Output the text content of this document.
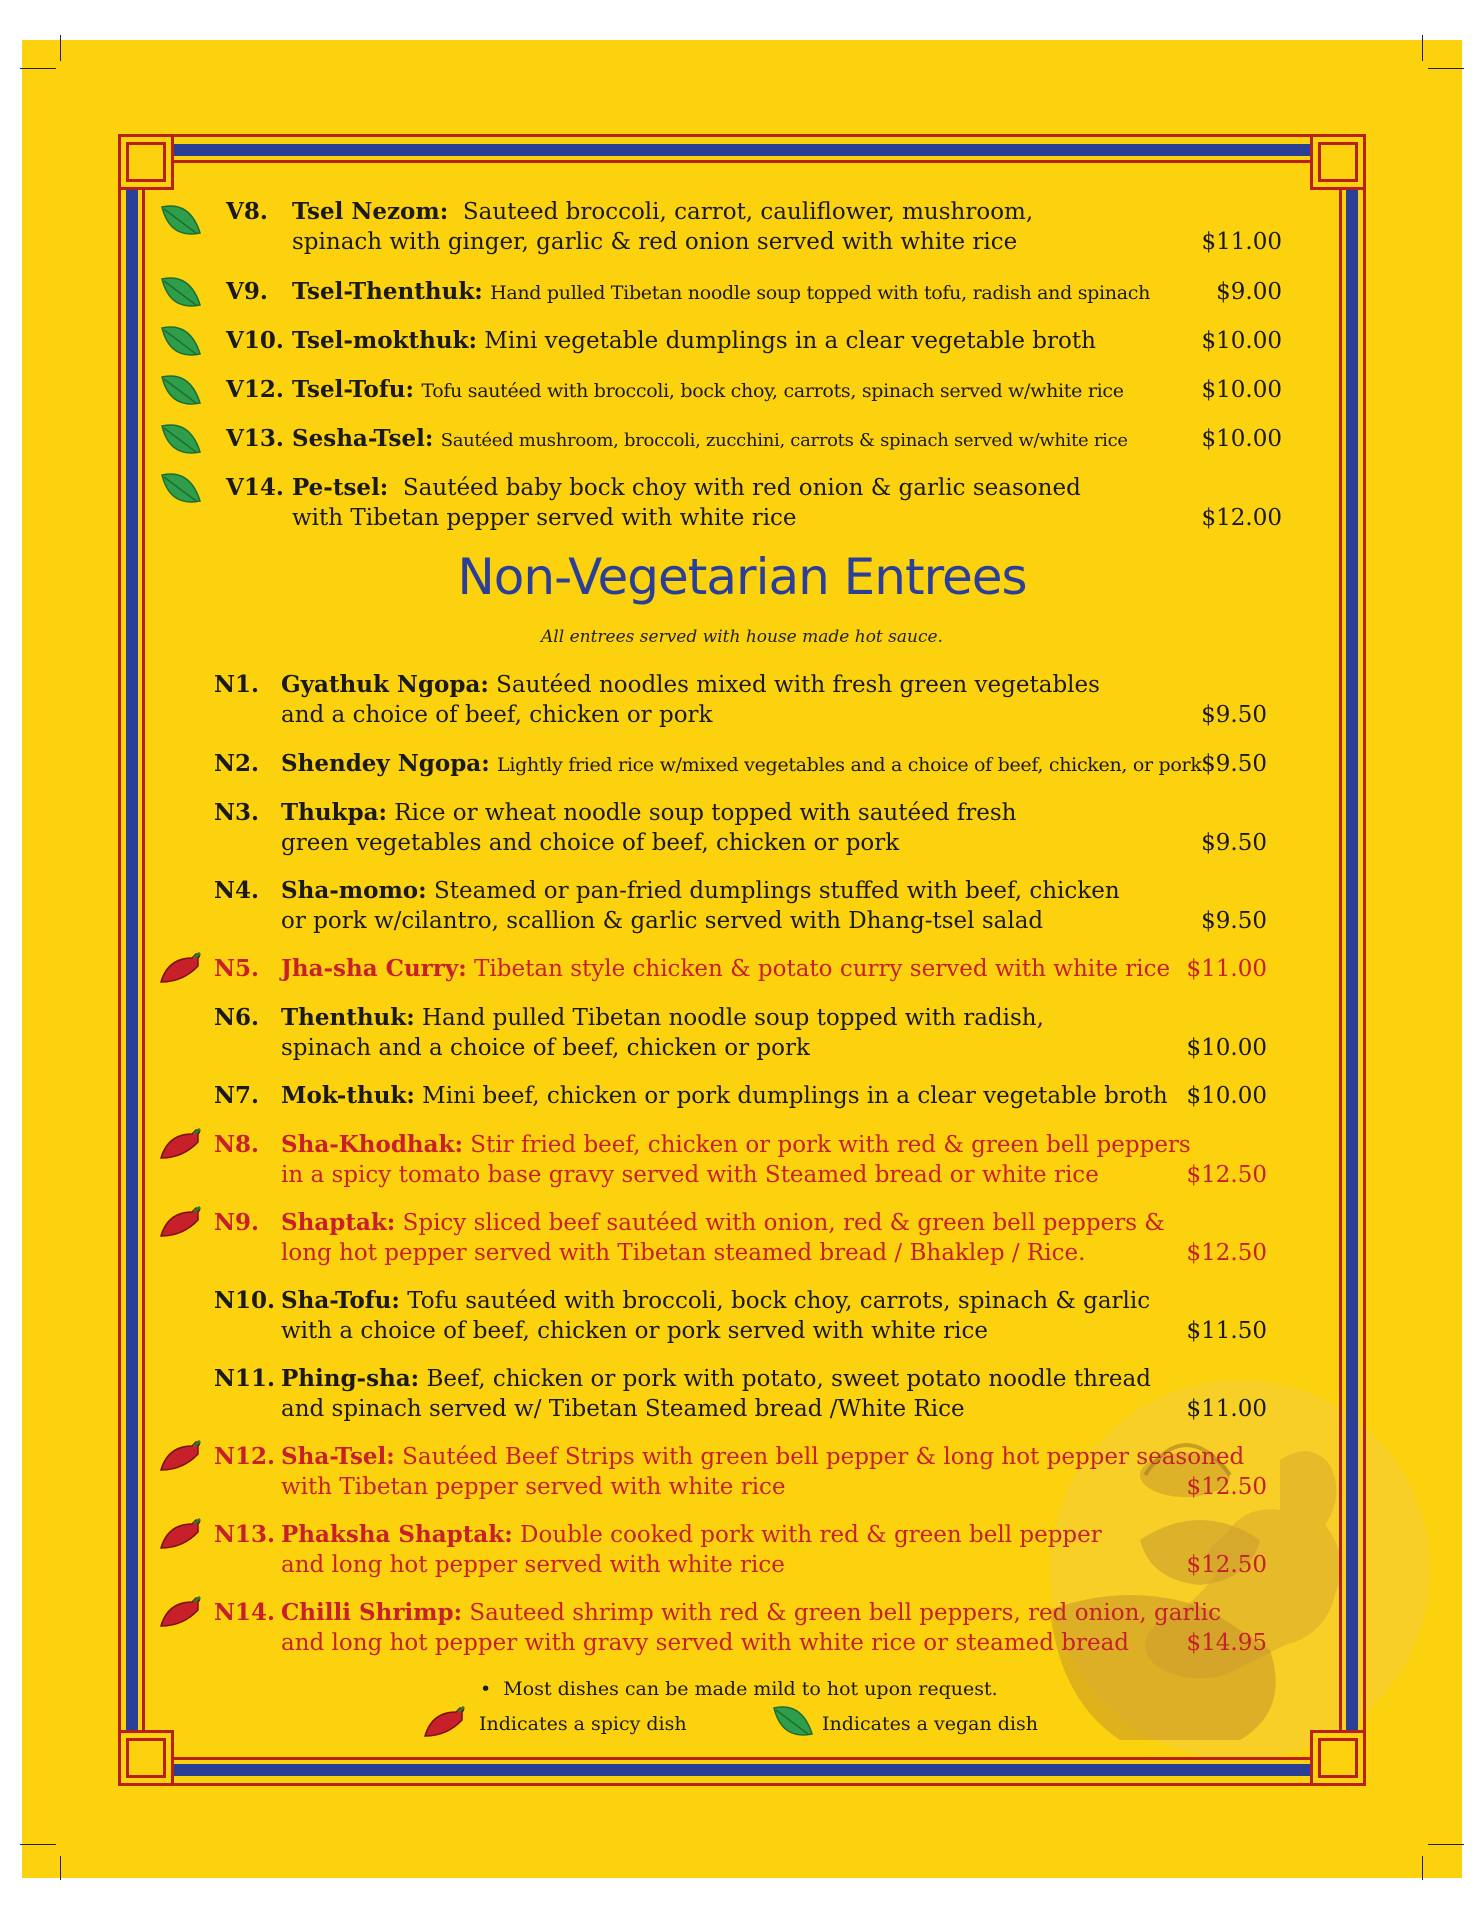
V8. Tsel Nezom: Sauteed broccoli, carrot, cauliflower, mushroom,
spinach with ginger, garlic & red onion served with white rice	$11.00
V9. Tsel-Thenthuk: Hand pulled Tibetan noodle soup topped with tofu, radish and spinach	$9.00
V10. Tsel-mokthuk: Mini vegetable dumplings in a clear vegetable broth	$10.00
V12. Tsel-Tofu: Tofu sautéed with broccoli, bock choy, carrots, spinach served w/white rice	$10.00
V13. Sesha-Tsel: Sautéed mushroom, broccoli, zucchini, carrots & spinach served w/white rice	$10.00
V14. Pe-tsel: Sautéed baby bock choy with red onion & garlic seasoned
with Tibetan pepper served with white rice	$12.00
Non-Vegetarian Entrees
All entrees served with house made hot sauce.
N1. Gyathuk Ngopa: Sautéed noodles mixed with fresh green vegetables
and a choice of beef, chicken or pork	$9.50
N2. Shendey Ngopa: Lightly fried rice w/mixed vegetables and a choice of beef, chicken, or pork $9.50
N3. Thukpa: Rice or wheat noodle soup topped with sautéed fresh
green vegetables and choice of beef, chicken or pork	$9.50
N4. Sha-momo: Steamed or pan-fried dumplings stuffed with beef, chicken
or pork w/cilantro, scallion & garlic served with Dhang-tsel salad	$9.50
N5. Jha-sha Curry: Tibetan style chicken & potato curry served with white rice $11.00
N6. Thenthuk: Hand pulled Tibetan noodle soup topped with radish,
spinach and a choice of beef, chicken or pork	$10.00
N7. Mok-thuk: Mini beef, chicken or pork dumplings in a clear vegetable broth $10.00
N8. Sha-Khodhak: Stir fried beef, chicken or pork with red & green bell peppers
in a spicy tomato base gravy served with Steamed bread or white rice	$12.50
N9. Shaptak: Spicy sliced beef sautéed with onion, red & green bell peppers &
long hot pepper served with Tibetan steamed bread / Bhaklep / Rice.	$12.50
N10. Sha-Tofu: Tofu sautéed with broccoli, bock choy, carrots, spinach & garlic
with a choice of beef, chicken or pork served with white rice	$11.50
N11. Phing-sha: Beef, chicken or pork with potato, sweet potato noodle thread
and spinach served w/ Tibetan Steamed bread /White Rice	$11.00
N12. Sha-Tsel: Sautéed Beef Strips with green bell pepper & long hot pepper seasoned
with Tibetan pepper served with white rice	$12.50
N13. Phaksha Shaptak: Double cooked pork with red & green bell pepper
and long hot pepper served with white rice	$12.50
N14. Chilli Shrimp: Sauteed shrimp with red & green bell peppers, red onion, garlic
and long hot pepper with gravy served with white rice or steamed bread	$14.95
•  Most dishes can be made mild to hot upon request.
Indicates a spicy dish	Indicates a vegan dish
